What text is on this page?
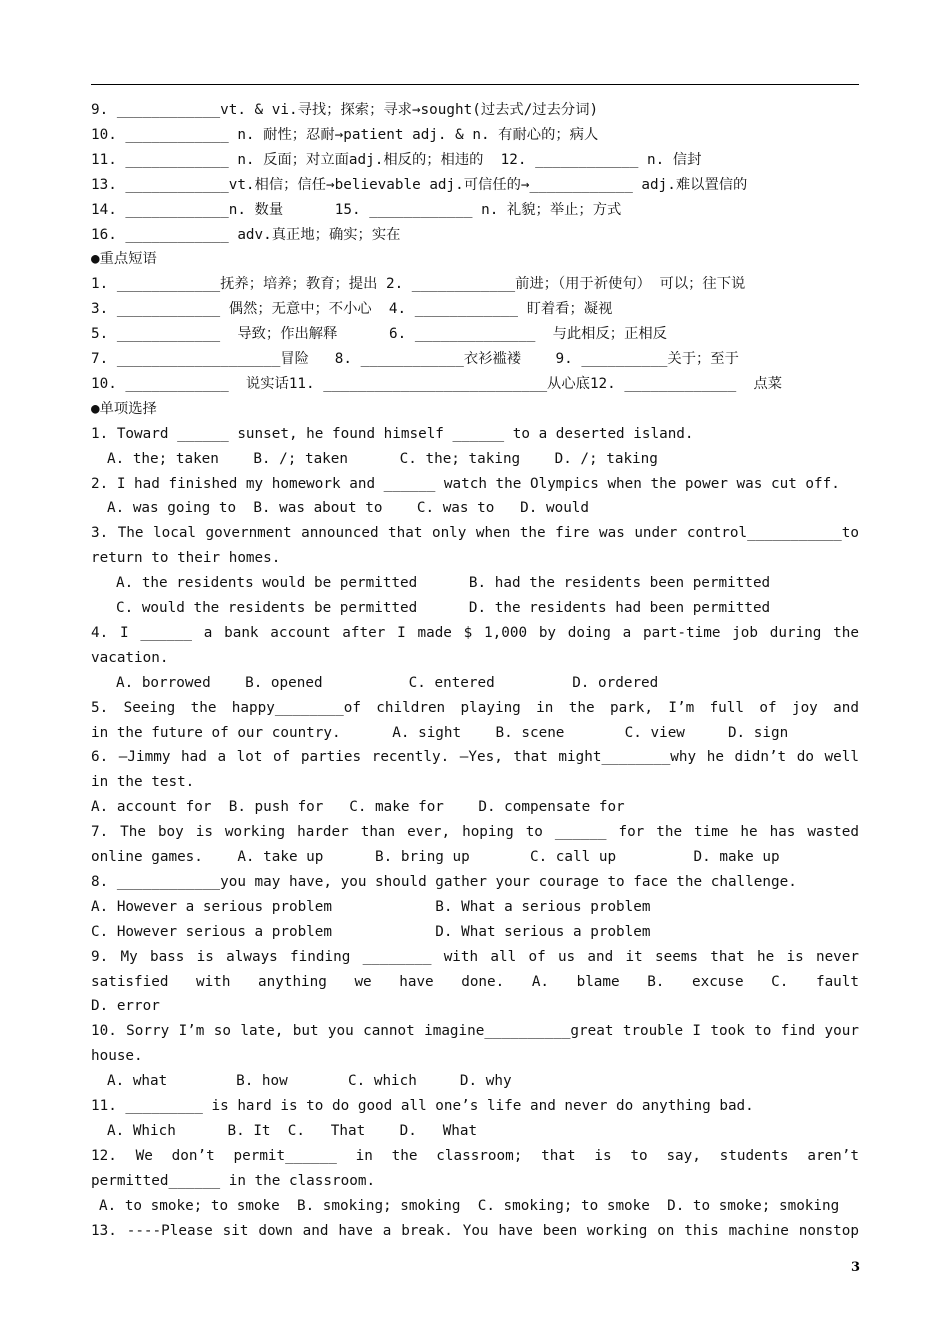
9. ____________vt. & vi.寻找；探索；寻求→sought(过去式/过去分词)
10. ____________ n. 耐性；忍耐→patient adj. & n. 有耐心的；病人
11. ____________ n. 反面；对立面adj.相反的；相违的  12. ____________ n. 信封
13. ____________vt.相信；信任→believable adj.可信任的→____________ adj.难以置信的
14. ____________n. 数量      15. ____________ n. 礼貌；举止；方式
16. ____________ adv.真正地；确实；实在
●重点短语
1. ____________抚养；培养；教育；提出 2. ____________前进；（用于祈使句） 可以；往下说
3. ____________ 偶然；无意中；不小心  4. ____________ 盯着看；凝视
5. ____________  导致；作出解释      6. ______________  与此相反；正相反
7. ___________________冒险   8. ____________衣衫褴褛    9. __________关于；至于
10. ____________  说实话11. __________________________从心底12. _____________  点菜
●单项选择
1. Toward ______ sunset, he found himself ______ to a deserted island.
A. the; taken    B. /; taken      C. the; taking    D. /; taking
2. I had finished my homework and ______ watch the Olympics when the power was cut off.
A. was going to  B. was about to    C. was to   D. would
3. The local government announced that only when the fire was under control___________to
return to their homes.
A. the residents would be permitted      B. had the residents been permitted
C. would the residents be permitted      D. the residents had been permitted
4. I ______ a bank account after I made $ 1,000 by doing a part-time job during the
vacation.
A. borrowed    B. opened          C. entered         D. ordered
5. Seeing the happy________of children playing in the park, I’m full of joy and
in the future of our country.      A. sight    B. scene       C. view     D. sign
6. —Jimmy had a lot of parties recently. —Yes, that might________why he didn’t do well
in the test.
A. account for  B. push for   C. make for    D. compensate for
7. The boy is working harder than ever, hoping to ______ for the time he has wasted
online games.    A. take up      B. bring up       C. call up         D. make up
8. ____________you may have, you should gather your courage to face the challenge.
A. However a serious problem            B. What a serious problem
C. However serious a problem            D. What serious a problem
9. My bass is always finding ________ with all of us and it seems that he is never
satisfied with anything we have done. A. blame B. excuse C. fault
D. error
10. Sorry I’m so late, but you cannot imagine__________great trouble I took to find your
house.
A. what        B. how       C. which     D. why
11. _________ is hard is to do good all one’s life and never do anything bad.
A. Which      B. It  C.   That    D.   What
12. We don’t permit______ in the classroom; that is to say, students aren’t
permitted______ in the classroom.
A. to smoke; to smoke  B. smoking; smoking  C. smoking; to smoke  D. to smoke; smoking
13. ----Please sit down and have a break. You have been working on this machine nonstop
3
